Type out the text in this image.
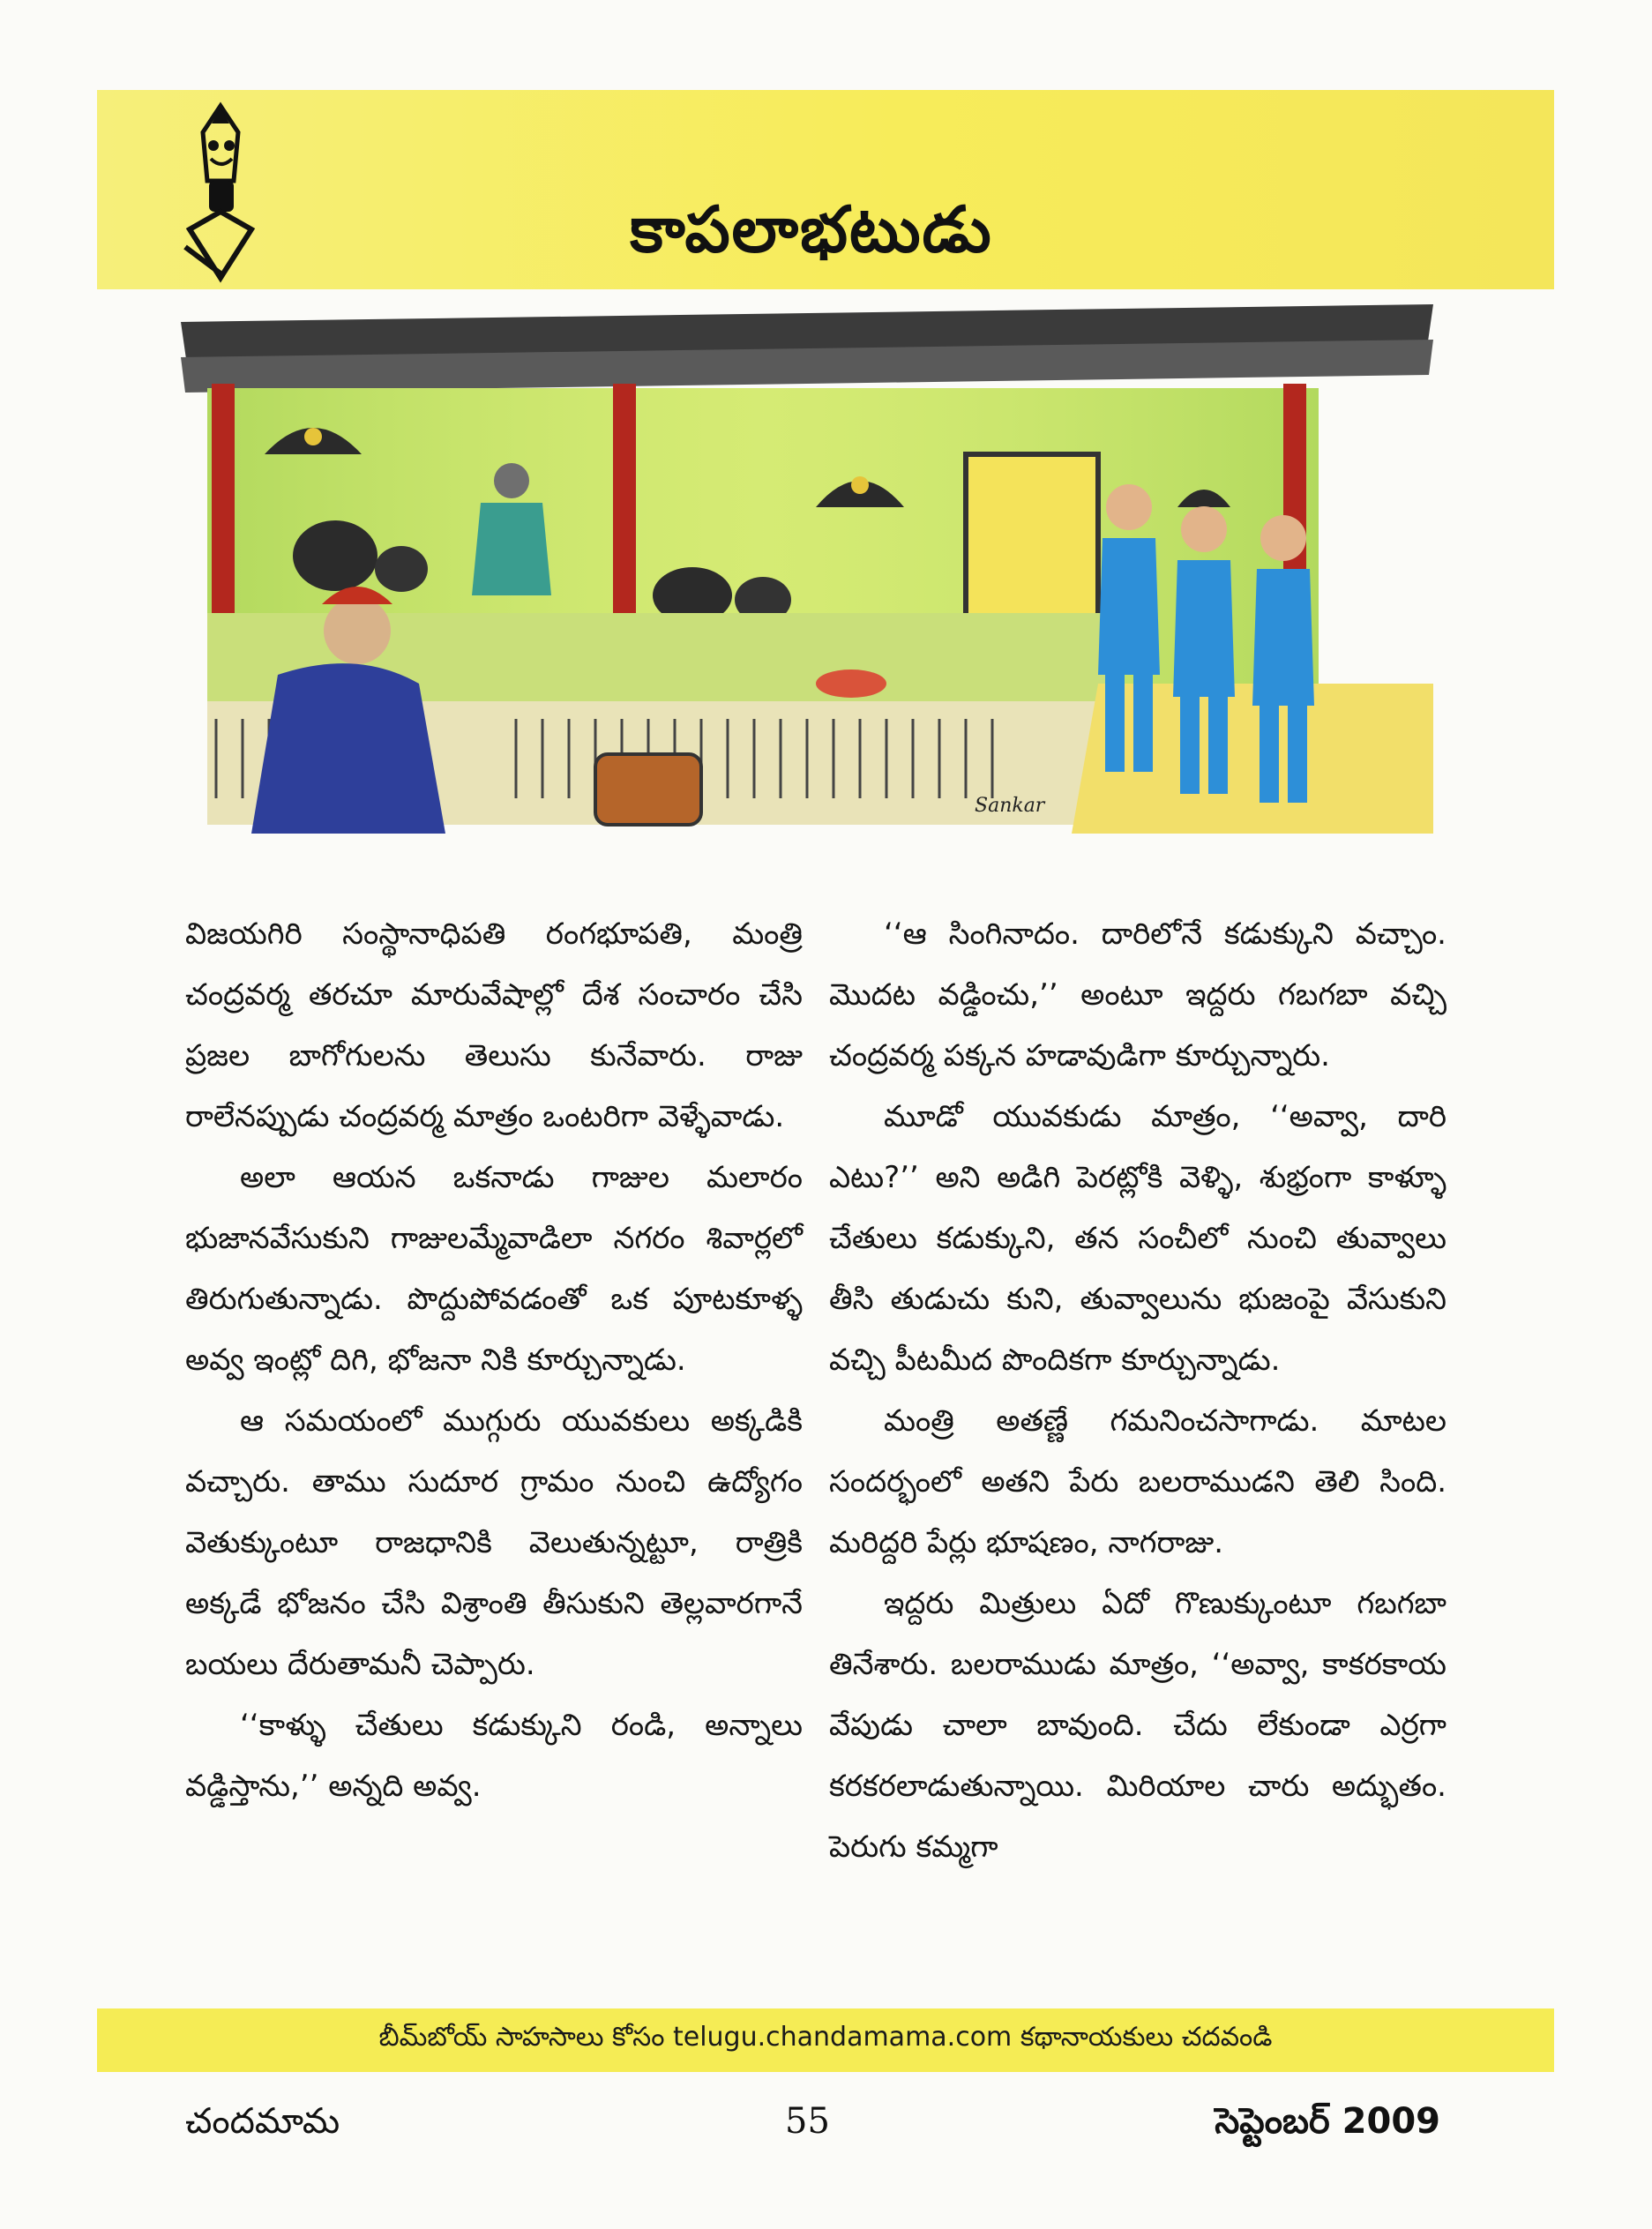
కాపలాభటుడు
Sankar

విజయగిరి సంస్థానాధిపతి రంగభూపతి, మంత్రి చంద్రవర్మ తరచూ మారువేషాల్లో దేశ సంచారం చేసి ప్రజల బాగోగులను తెలుసు కునేవారు. రాజు రాలేనప్పుడు చంద్రవర్మ మాత్రం ఒంటరిగా వెళ్ళేవాడు.

అలా ఆయన ఒకనాడు గాజుల మలారం భుజానవేసుకుని గాజులమ్మేవాడిలా నగరం శివార్లలో తిరుగుతున్నాడు. పొద్దుపోవడంతో ఒక పూటకూళ్ళ అవ్వ ఇంట్లో దిగి, భోజనా నికి కూర్చున్నాడు.

ఆ సమయంలో ముగ్గురు యువకులు అక్కడికి వచ్చారు. తాము సుదూర గ్రామం నుంచి ఉద్యోగం వెతుక్కుంటూ రాజధానికి వెలుతున్నట్టూ, రాత్రికి అక్కడే భోజనం చేసి విశ్రాంతి తీసుకుని తెల్లవారగానే బయలు దేరుతామనీ చెప్పారు.

‘‘కాళ్ళు చేతులు కడుక్కుని రండి, అన్నాలు వడ్డిస్తాను,’’ అన్నది అవ్వ.

‘‘ఆ సింగినాదం. దారిలోనే కడుక్కుని వచ్చాం. మొదట వడ్డించు,’’ అంటూ ఇద్దరు గబగబా వచ్చి చంద్రవర్మ పక్కన హడావుడిగా కూర్చున్నారు.

మూడో యువకుడు మాత్రం, ‘‘అవ్వా, దారి ఎటు?’’ అని అడిగి పెరట్లోకి వెళ్ళి, శుభ్రంగా కాళ్ళూ చేతులు కడుక్కుని, తన సంచీలో నుంచి తువ్వాలు తీసి తుడుచు కుని, తువ్వాలును భుజంపై వేసుకుని వచ్చి పీటమీద పొందికగా కూర్చున్నాడు.

మంత్రి అతణ్ణే గమనించసాగాడు. మాటల సందర్భంలో అతని పేరు బలరాముడని తెలి సింది. మరిద్దరి పేర్లు భూషణం, నాగరాజు.

ఇద్దరు మిత్రులు ఏదో గొణుక్కుంటూ గబగబా తినేశారు. బలరాముడు మాత్రం, ‘‘అవ్వా, కాకరకాయ వేపుడు చాలా బావుంది. చేదు లేకుండా ఎర్రగా కరకరలాడుతున్నాయి. మిరియాల చారు అద్భుతం. పెరుగు కమ్మగా

బీమ్‌బోయ్ సాహసాలు కోసం telugu.chandamama.com కథానాయకులు చదవండి
చందమామ	55	సెప్టెంబర్ 2009
